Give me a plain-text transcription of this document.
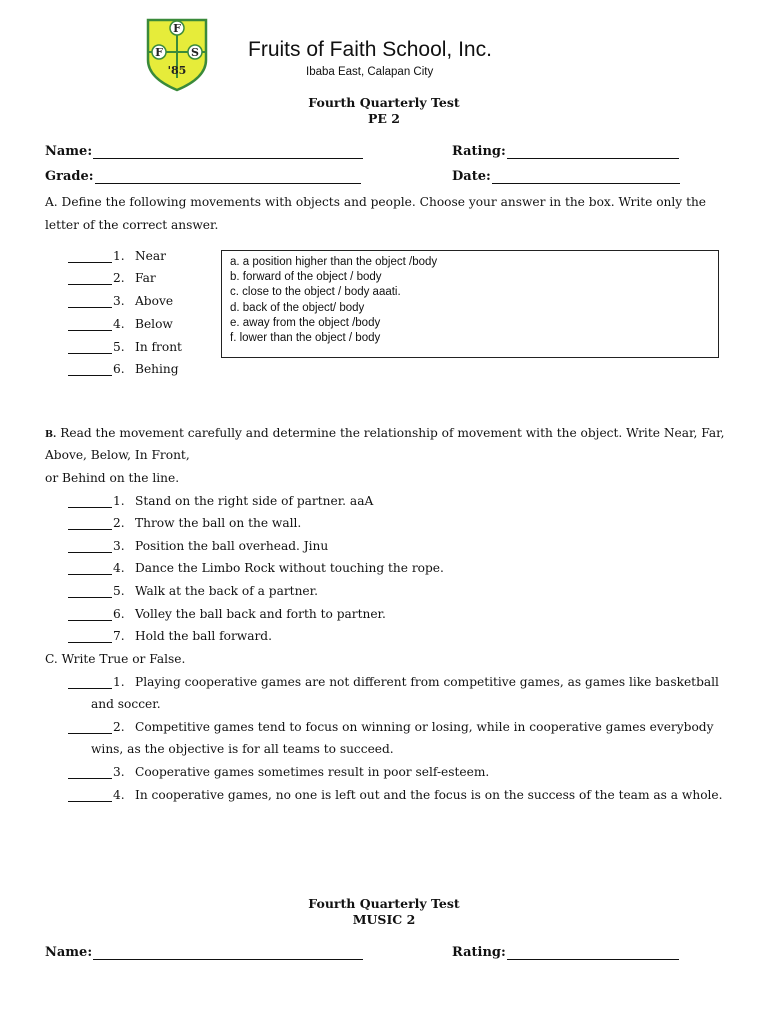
F
F	S
'85
Fruits of Faith School, Inc.
Ibaba East, Calapan City
Fourth Quarterly Test
PE 2
Name:	Rating:
Grade:	Date:
A. Define the following movements with objects and people. Choose your answer in the box. Write only the
letter of the correct answer.
1. Near
2. Far
3. Above
4. Below
5. In front
6. Behing
a. a position higher than the object /body
b. forward of the object / body
c. close to the object / body aaati.
d. back of the object/ body
e. away from the object /body
f. lower than the object / body
B. Read the movement carefully and determine the relationship of movement with the object. Write Near, Far,
Above, Below, In Front,
or Behind on the line.
1. Stand on the right side of partner. aaA
2. Throw the ball on the wall.
3. Position the ball overhead. Jinu
4. Dance the Limbo Rock without touching the rope.
5. Walk at the back of a partner.
6. Volley the ball back and forth to partner.
7. Hold the ball forward.
C. Write True or False.
1. Playing cooperative games are not different from competitive games, as games like basketball
and soccer.
2. Competitive games tend to focus on winning or losing, while in cooperative games everybody
wins, as the objective is for all teams to succeed.
3. Cooperative games sometimes result in poor self-esteem.
4. In cooperative games, no one is left out and the focus is on the success of the team as a whole.
Fourth Quarterly Test
MUSIC 2
Name:	Rating:
